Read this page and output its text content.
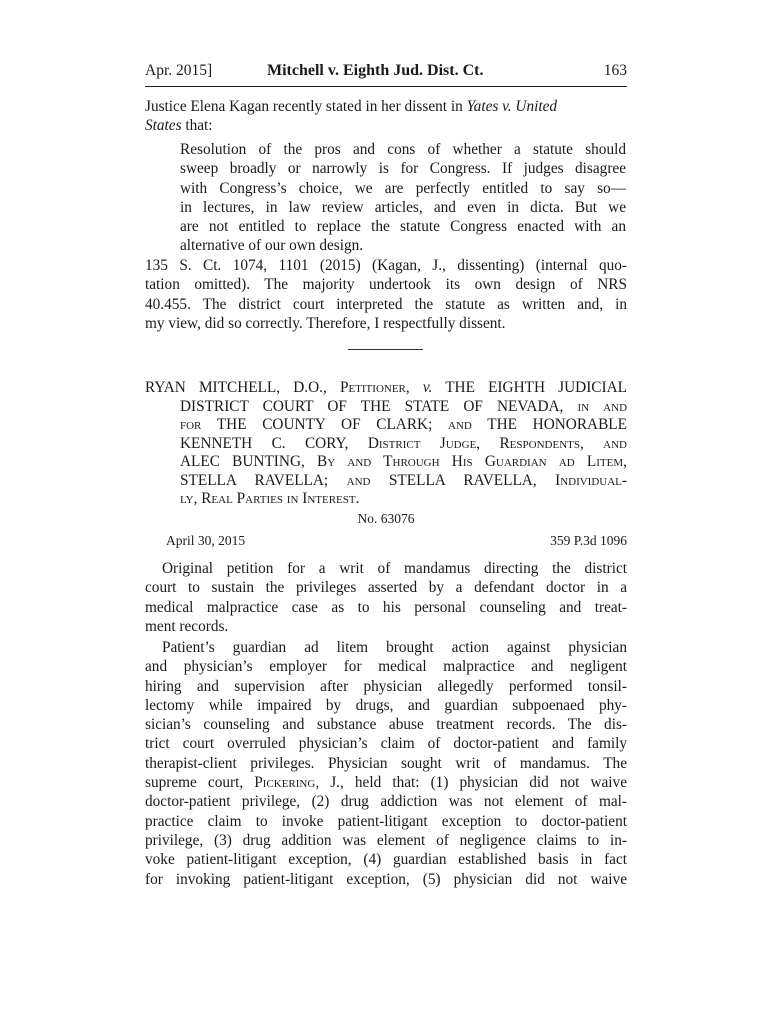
Apr. 2015]	Mitchell v. Eighth Jud. Dist. Ct.	163
Justice Elena Kagan recently stated in her dissent in Yates v. United
States that:
Resolution of the pros and cons of whether a statute should
sweep broadly or narrowly is for Congress. If judges disagree
with Congress’s choice, we are perfectly entitled to say so—
in lectures, in law review articles, and even in dicta. But we
are not entitled to replace the statute Congress enacted with an
alternative of our own design.
135 S. Ct. 1074, 1101 (2015) (Kagan, J., dissenting) (internal quo-
tation omitted). The majority undertook its own design of NRS
40.455. The district court interpreted the statute as written and, in
my view, did so correctly. Therefore, I respectfully dissent.
RYAN MITCHELL, D.O., Petitioner, v. THE EIGHTH JUDICIAL
DISTRICT COURT OF THE STATE OF NEVADA, in and
for THE COUNTY OF CLARK; and THE HONORABLE
KENNETH C. CORY, District Judge, Respondents, and
ALEC BUNTING, By and Through His Guardian ad Litem,
STELLA RAVELLA; and STELLA RAVELLA, Individual-
ly, Real Parties in Interest.
No. 63076
April 30, 2015	359 P.3d 1096
Original petition for a writ of mandamus directing the district
court to sustain the privileges asserted by a defendant doctor in a
medical malpractice case as to his personal counseling and treat-
ment records.
Patient’s guardian ad litem brought action against physician
and physician’s employer for medical malpractice and negligent
hiring and supervision after physician allegedly performed tonsil-
lectomy while impaired by drugs, and guardian subpoenaed phy-
sician’s counseling and substance abuse treatment records. The dis-
trict court overruled physician’s claim of doctor-patient and family
therapist-client privileges. Physician sought writ of mandamus. The
supreme court, Pickering, J., held that: (1) physician did not waive
doctor-patient privilege, (2) drug addiction was not element of mal-
practice claim to invoke patient-litigant exception to doctor-patient
privilege, (3) drug addition was element of negligence claims to in-
voke patient-litigant exception, (4) guardian established basis in fact
for invoking patient-litigant exception, (5) physician did not waive
